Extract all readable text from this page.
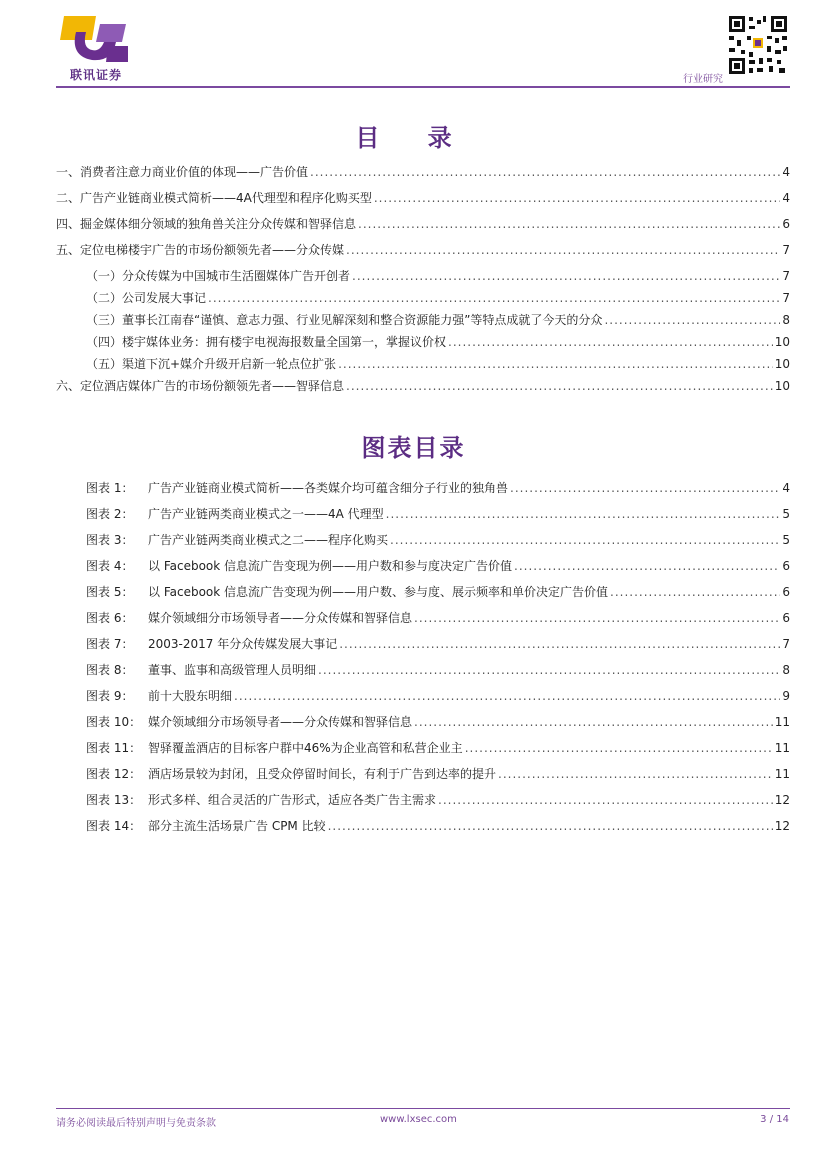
联讯证券	行业研究
目 录
一、消费者注意力商业价值的体现——广告价值 .....	4
二、广告产业链商业模式简析——4A代理型和程序化购买型 .....	4
四、掘金媒体细分领域的独角兽关注分众传媒和智驿信息 .....	6
五、定位电梯楼宇广告的市场份额领先者——分众传媒 .....	7
（一）分众传媒为中国城市生活圈媒体广告开创者 .....	7
（二）公司发展大事记 .....	7
（三）董事长江南春“谨慎、意志力强、行业见解深刻和整合资源能力强”等特点成就了今天的分众 .....	8
（四）楼宇媒体业务：拥有楼宇电视海报数量全国第一，掌握议价权 .....	10
（五）渠道下沉+媒介升级开启新一轮点位扩张 .....	10
六、定位酒店媒体广告的市场份额领先者——智驿信息 .....	10
图表目录
图表 1： 广告产业链商业模式简析——各类媒介均可蕴含细分子行业的独角兽 .....	4
图表 2： 广告产业链两类商业模式之一——4A 代理型 .....	5
图表 3： 广告产业链两类商业模式之二——程序化购买 .....	5
图表 4： 以 Facebook 信息流广告变现为例——用户数和参与度决定广告价值 .....	6
图表 5： 以 Facebook 信息流广告变现为例——用户数、参与度、展示频率和单价决定广告价值 .....	6
图表 6： 媒介领域细分市场领导者——分众传媒和智驿信息 .....	6
图表 7： 2003-2017 年分众传媒发展大事记 .....	7
图表 8： 董事、监事和高级管理人员明细 .....	8
图表 9： 前十大股东明细 .....	9
图表 10： 媒介领域细分市场领导者——分众传媒和智驿信息 .....	11
图表 11： 智驿覆盖酒店的目标客户群中46%为企业高管和私营企业主 .....	11
图表 12： 酒店场景较为封闭，且受众停留时间长，有利于广告到达率的提升 .....	11
图表 13： 形式多样、组合灵活的广告形式，适应各类广告主需求 .....	12
图表 14： 部分主流生活场景广告 CPM 比较 .....	12
请务必阅读最后特别声明与免责条款	www.lxsec.com	3 / 14
